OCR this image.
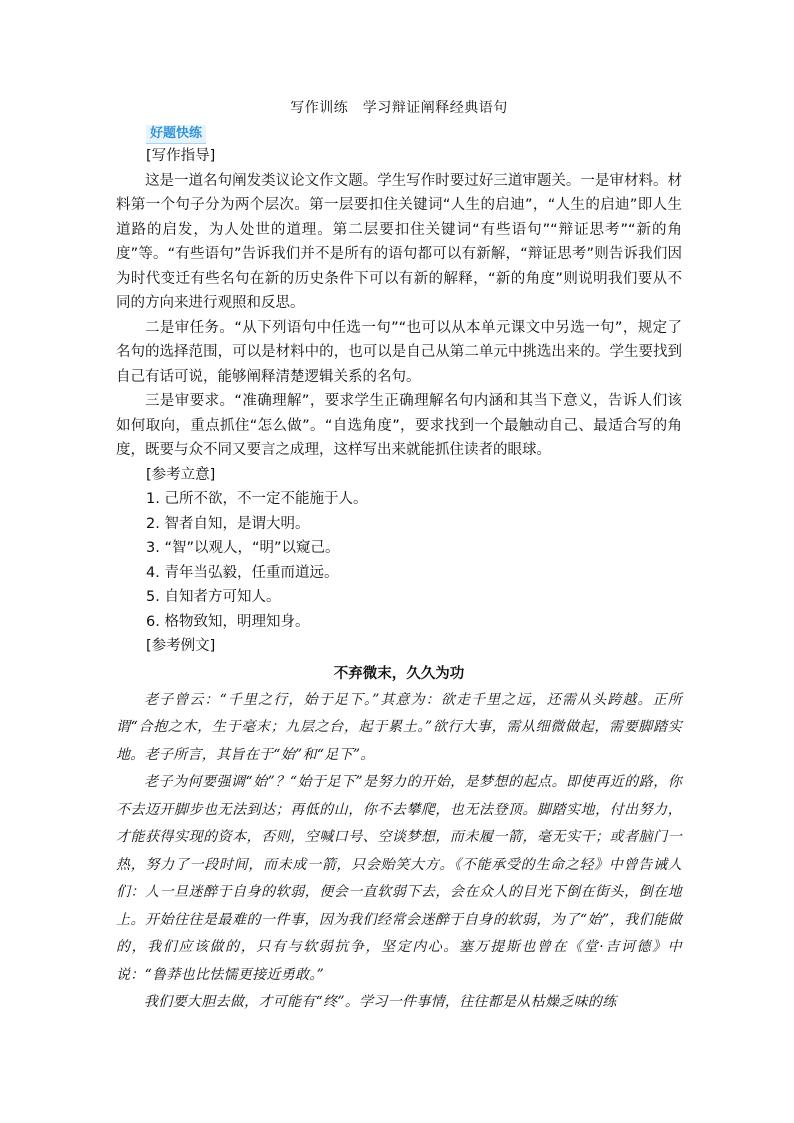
写作训练　学习辩证阐释经典语句
好题快练
[写作指导]

这是一道名句阐发类议论文作文题。学生写作时要过好三道审题关。一是审材料。材料第一个句子分为两个层次。第一层要扣住关键词“人生的启迪”，“人生的启迪”即人生道路的启发，为人处世的道理。第二层要扣住关键词“有些语句”“辩证思考”“新的角度”等。“有些语句”告诉我们并不是所有的语句都可以有新解，“辩证思考”则告诉我们因为时代变迁有些名句在新的历史条件下可以有新的解释，“新的角度”则说明我们要从不同的方向来进行观照和反思。

二是审任务。“从下列语句中任选一句”“也可以从本单元课文中另选一句”，规定了名句的选择范围，可以是材料中的，也可以是自己从第二单元中挑选出来的。学生要找到自己有话可说，能够阐释清楚逻辑关系的名句。

三是审要求。“准确理解”，要求学生正确理解名句内涵和其当下意义，告诉人们该如何取向，重点抓住“怎么做”。“自选角度”，要求找到一个最触动自己、最适合写的角度，既要与众不同又要言之成理，这样写出来就能抓住读者的眼球。

[参考立意]
1. 己所不欲，不一定不能施于人。
2. 智者自知，是谓大明。
3. “智”以观人，“明”以窥己。
4. 青年当弘毅，任重而道远。
5. 自知者方可知人。
6. 格物致知，明理知身。
[参考例文]
不弃微末，久久为功

老子曾云：“千里之行，始于足下。”其意为：欲走千里之远，还需从头跨越。正所谓“合抱之木，生于毫末；九层之台，起于累土。”欲行大事，需从细微做起，需要脚踏实地。老子所言，其旨在于“始”和“足下”。

老子为何要强调“始”？“始于足下”是努力的开始，是梦想的起点。即使再近的路，你不去迈开脚步也无法到达；再低的山，你不去攀爬，也无法登顶。脚踏实地，付出努力，才能获得实现的资本，否则，空喊口号、空谈梦想，而未履一箭，毫无实干；或者脑门一热，努力了一段时间，而未成一箭，只会贻笑大方。《不能承受的生命之轻》中曾告诫人们：人一旦迷醉于自身的软弱，便会一直软弱下去，会在众人的目光下倒在街头，倒在地上。开始往往是最难的一件事，因为我们经常会迷醉于自身的软弱，为了“始”，我们能做的，我们应该做的，只有与软弱抗争，坚定内心。塞万提斯也曾在《堂·吉诃德》中说：“鲁莽也比怯懦更接近勇敢。”

我们要大胆去做，才可能有“终”。学习一件事情，往往都是从枯燥乏味的练
